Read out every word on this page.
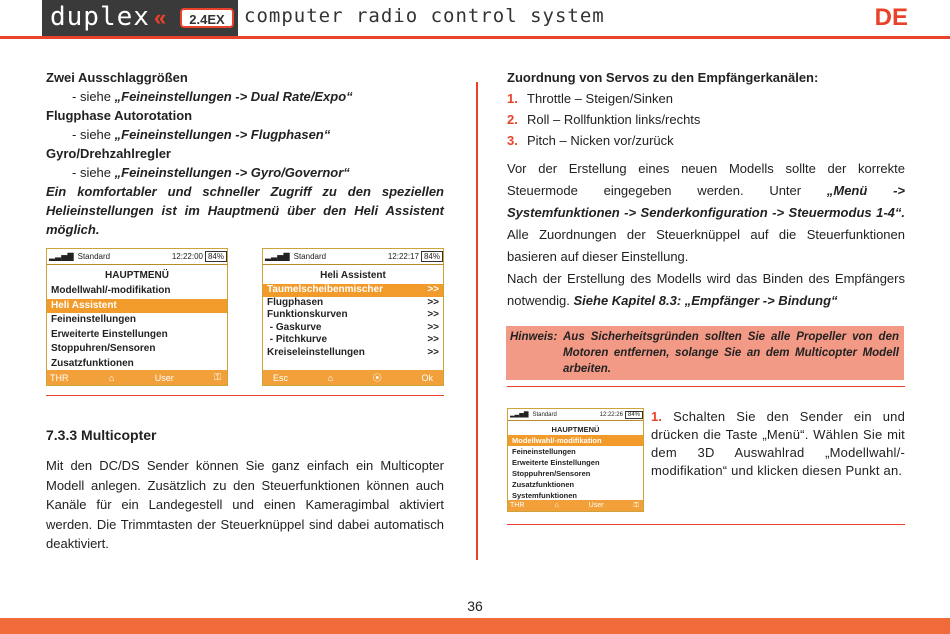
duplex «	2.4EX	computer radio control system	DE
Zwei Ausschlaggrößen
- siehe „Feineinstellungen -> Dual Rate/Expo“
Flugphase Autorotation
- siehe „Feineinstellungen -> Flugphasen“
Gyro/Drehzahlregler
- siehe „Feineinstellungen -> Gyro/Governor“
Ein komfortabler und schneller Zugriff zu den speziellen Helieinstellungen ist im Hauptmenü über den Heli Assistent möglich.
▂▃▅▇ Standard	12:22:00 84%
HAUPTMENÜ
Modellwahl/-modifikation
Heli Assistent
Feineinstellungen
Erweiterte Einstellungen
Stoppuhren/Sensoren
Zusatzfunktionen
THR	⌂	User	⚿
▂▃▅▇ Standard	12:22:17 84%
Heli Assistent
Taumelscheibenmischer	>>
Flugphasen	>>
Funktionskurven	>>
- Gaskurve	>>
- Pitchkurve	>>
Kreiseleinstellungen	>>
Esc	⌂	⦿	Ok
7.3.3 Multicopter
Mit den DC/DS Sender können Sie ganz einfach ein Multicopter Modell anlegen. Zusätzlich zu den Steuerfunktionen können auch Kanäle für ein Landegestell und einen Kameragimbal aktiviert werden. Die Trimmtasten der Steuerknüppel sind dabei automatisch deaktiviert.
Zuordnung von Servos zu den Empfängerkanälen:
1. Throttle – Steigen/Sinken
2. Roll – Rollfunktion links/rechts
3. Pitch – Nicken vor/zurück
Vor der Erstellung eines neuen Modells sollte der korrekte Steuermode eingegeben werden. Unter „Menü -> Systemfunktionen -> Senderkonfiguration -> Steuermodus 1-4“. Alle Zuordnungen der Steuerknüppel auf die Steuerfunktionen basieren auf dieser Einstellung.
Nach der Erstellung des Modells wird das Binden des Empfängers notwendig. Siehe Kapitel 8.3: „Empfänger -> Bindung“
Hinweis: Aus Sicherheitsgründen sollten Sie alle Propeller von den Motoren entfernen, solange Sie an dem Multicopter Modell arbeiten.
▂▃▅▇ Standard	12:22:26 84%
HAUPTMENÜ
Modellwahl/-modifikation
Feineinstellungen
Erweiterte Einstellungen
Stoppuhren/Sensoren
Zusatzfunktionen
Systemfunktionen
THR	⌂	User	⚿
1. Schalten Sie den Sender ein und drücken die Taste „Menü“. Wählen Sie mit dem 3D Auswahlrad „Modellwahl/-modifikation“ und klicken diesen Punkt an.
36
